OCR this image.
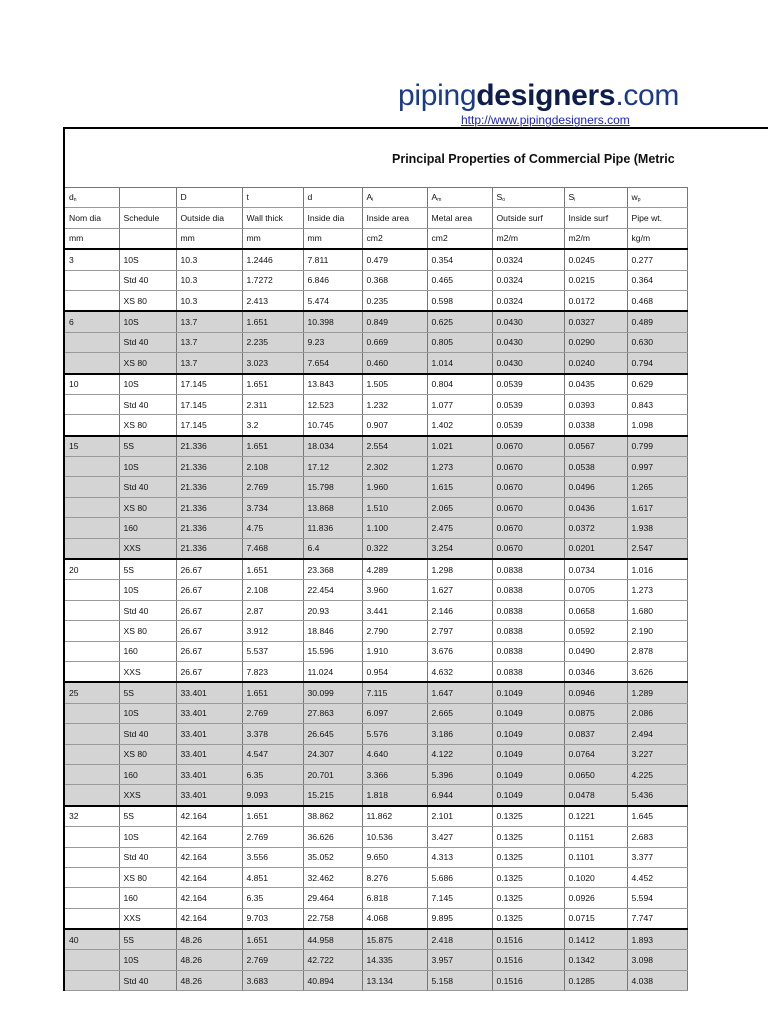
pipingdesigners.com
http://www.pipingdesigners.com
Principal Properties of Commercial Pipe (Metric
$d_n$		D	t	d	$A_i$	$A_m$	$S_o$	$S_i$	$w_p$
Nom dia	Schedule	Outside dia	Wall thick	Inside dia	Inside area	Metal area	Outside surf	Inside surf	Pipe wt.
mm		mm	mm	mm	cm2	cm2	m2/m	m2/m	kg/m
3	10S	10.3	1.2446	7.811	0.479	0.354	0.0324	0.0245	0.277
	Std 40	10.3	1.7272	6.846	0.368	0.465	0.0324	0.0215	0.364
	XS 80	10.3	2.413	5.474	0.235	0.598	0.0324	0.0172	0.468
6	10S	13.7	1.651	10.398	0.849	0.625	0.0430	0.0327	0.489
	Std 40	13.7	2.235	9.23	0.669	0.805	0.0430	0.0290	0.630
	XS 80	13.7	3.023	7.654	0.460	1.014	0.0430	0.0240	0.794
10	10S	17.145	1.651	13.843	1.505	0.804	0.0539	0.0435	0.629
	Std 40	17.145	2.311	12.523	1.232	1.077	0.0539	0.0393	0.843
	XS 80	17.145	3.2	10.745	0.907	1.402	0.0539	0.0338	1.098
15	5S	21.336	1.651	18.034	2.554	1.021	0.0670	0.0567	0.799
	10S	21.336	2.108	17.12	2.302	1.273	0.0670	0.0538	0.997
	Std 40	21.336	2.769	15.798	1.960	1.615	0.0670	0.0496	1.265
	XS 80	21.336	3.734	13.868	1.510	2.065	0.0670	0.0436	1.617
	160	21.336	4.75	11.836	1.100	2.475	0.0670	0.0372	1.938
	XXS	21.336	7.468	6.4	0.322	3.254	0.0670	0.0201	2.547
20	5S	26.67	1.651	23.368	4.289	1.298	0.0838	0.0734	1.016
	10S	26.67	2.108	22.454	3.960	1.627	0.0838	0.0705	1.273
	Std 40	26.67	2.87	20.93	3.441	2.146	0.0838	0.0658	1.680
	XS 80	26.67	3.912	18.846	2.790	2.797	0.0838	0.0592	2.190
	160	26.67	5.537	15.596	1.910	3.676	0.0838	0.0490	2.878
	XXS	26.67	7.823	11.024	0.954	4.632	0.0838	0.0346	3.626
25	5S	33.401	1.651	30.099	7.115	1.647	0.1049	0.0946	1.289
	10S	33.401	2.769	27.863	6.097	2.665	0.1049	0.0875	2.086
	Std 40	33.401	3.378	26.645	5.576	3.186	0.1049	0.0837	2.494
	XS 80	33.401	4.547	24.307	4.640	4.122	0.1049	0.0764	3.227
	160	33.401	6.35	20.701	3.366	5.396	0.1049	0.0650	4.225
	XXS	33.401	9.093	15.215	1.818	6.944	0.1049	0.0478	5.436
32	5S	42.164	1.651	38.862	11.862	2.101	0.1325	0.1221	1.645
	10S	42.164	2.769	36.626	10.536	3.427	0.1325	0.1151	2.683
	Std 40	42.164	3.556	35.052	9.650	4.313	0.1325	0.1101	3.377
	XS 80	42.164	4.851	32.462	8.276	5.686	0.1325	0.1020	4.452
	160	42.164	6.35	29.464	6.818	7.145	0.1325	0.0926	5.594
	XXS	42.164	9.703	22.758	4.068	9.895	0.1325	0.0715	7.747
40	5S	48.26	1.651	44.958	15.875	2.418	0.1516	0.1412	1.893
	10S	48.26	2.769	42.722	14.335	3.957	0.1516	0.1342	3.098
	Std 40	48.26	3.683	40.894	13.134	5.158	0.1516	0.1285	4.038
